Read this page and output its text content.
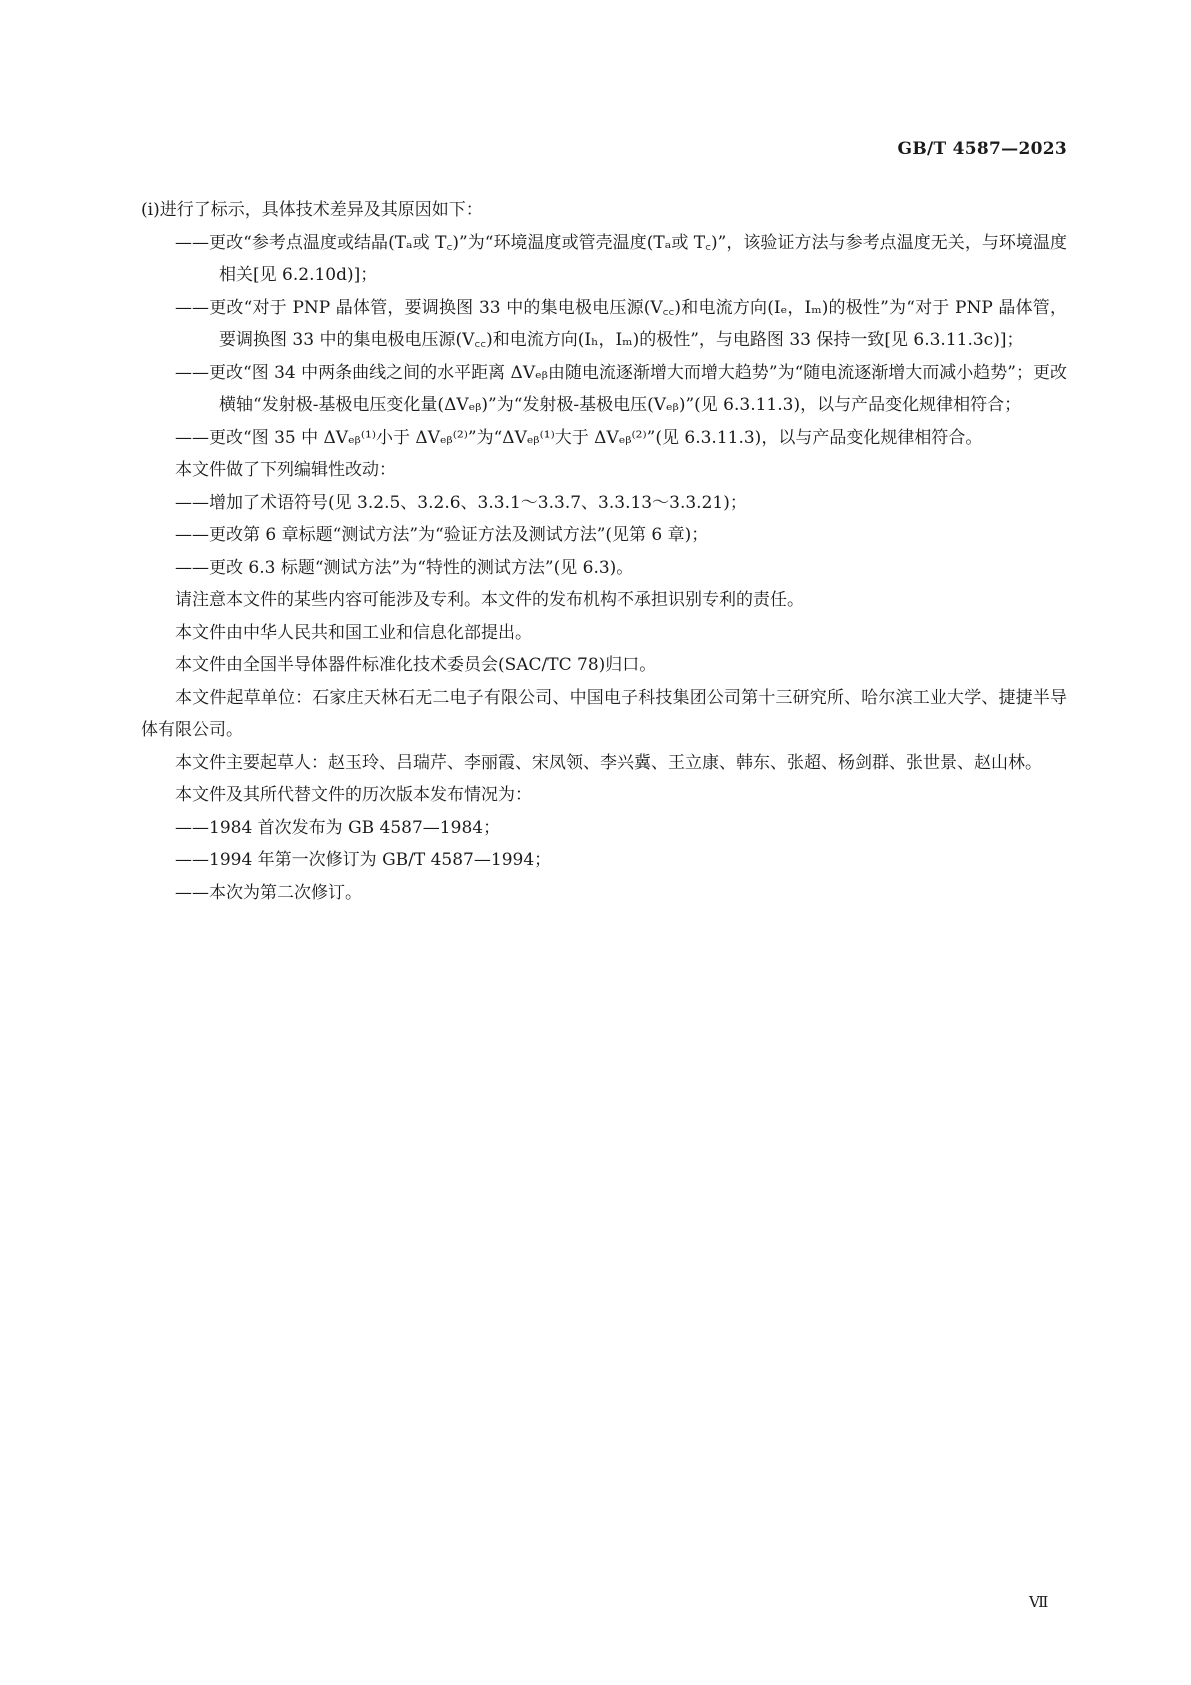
GB/T 4587—2023

(ⅰ)进行了标示，具体技术差异及其原因如下：

——更改“参考点温度或结晶(Tₐ或 T꜀)”为“环境温度或管壳温度(Tₐ或 T꜀)”，该验证方法与参考点温度无关，与环境温度相关[见 6.2.10d)]；

——更改“对于 PNP 晶体管，要调换图 33 中的集电极电压源(V꜀꜀)和电流方向(Iₑ，Iₘ)的极性”为“对于 PNP 晶体管，要调换图 33 中的集电极电压源(V꜀꜀)和电流方向(Iₕ，Iₘ)的极性”，与电路图 33 保持一致[见 6.3.11.3c)]；

——更改“图 34 中两条曲线之间的水平距离 ΔVₑᵦ由随电流逐渐增大而增大趋势”为“随电流逐渐增大而减小趋势”；更改横轴“发射极-基极电压变化量(ΔVₑᵦ)”为“发射极-基极电压(Vₑᵦ)”(见 6.3.11.3)，以与产品变化规律相符合；

——更改“图 35 中 ΔVₑᵦ⁽¹⁾小于 ΔVₑᵦ⁽²⁾”为“ΔVₑᵦ⁽¹⁾大于 ΔVₑᵦ⁽²⁾”(见 6.3.11.3)，以与产品变化规律相符合。

本文件做了下列编辑性改动：

——增加了术语符号(见 3.2.5、3.2.6、3.3.1～3.3.7、3.3.13～3.3.21)；

——更改第 6 章标题“测试方法”为“验证方法及测试方法”(见第 6 章)；

——更改 6.3 标题“测试方法”为“特性的测试方法”(见 6.3)。

请注意本文件的某些内容可能涉及专利。本文件的发布机构不承担识别专利的责任。

本文件由中华人民共和国工业和信息化部提出。

本文件由全国半导体器件标准化技术委员会(SAC/TC 78)归口。

本文件起草单位：石家庄天林石无二电子有限公司、中国电子科技集团公司第十三研究所、哈尔滨工业大学、捷捷半导体有限公司。

本文件主要起草人：赵玉玲、吕瑞芹、李丽霞、宋凤领、李兴冀、王立康、韩东、张超、杨剑群、张世景、赵山林。

本文件及其所代替文件的历次版本发布情况为：

——1984 首次发布为 GB 4587—1984；

——1994 年第一次修订为 GB/T 4587—1994；

——本次为第二次修订。

Ⅶ
